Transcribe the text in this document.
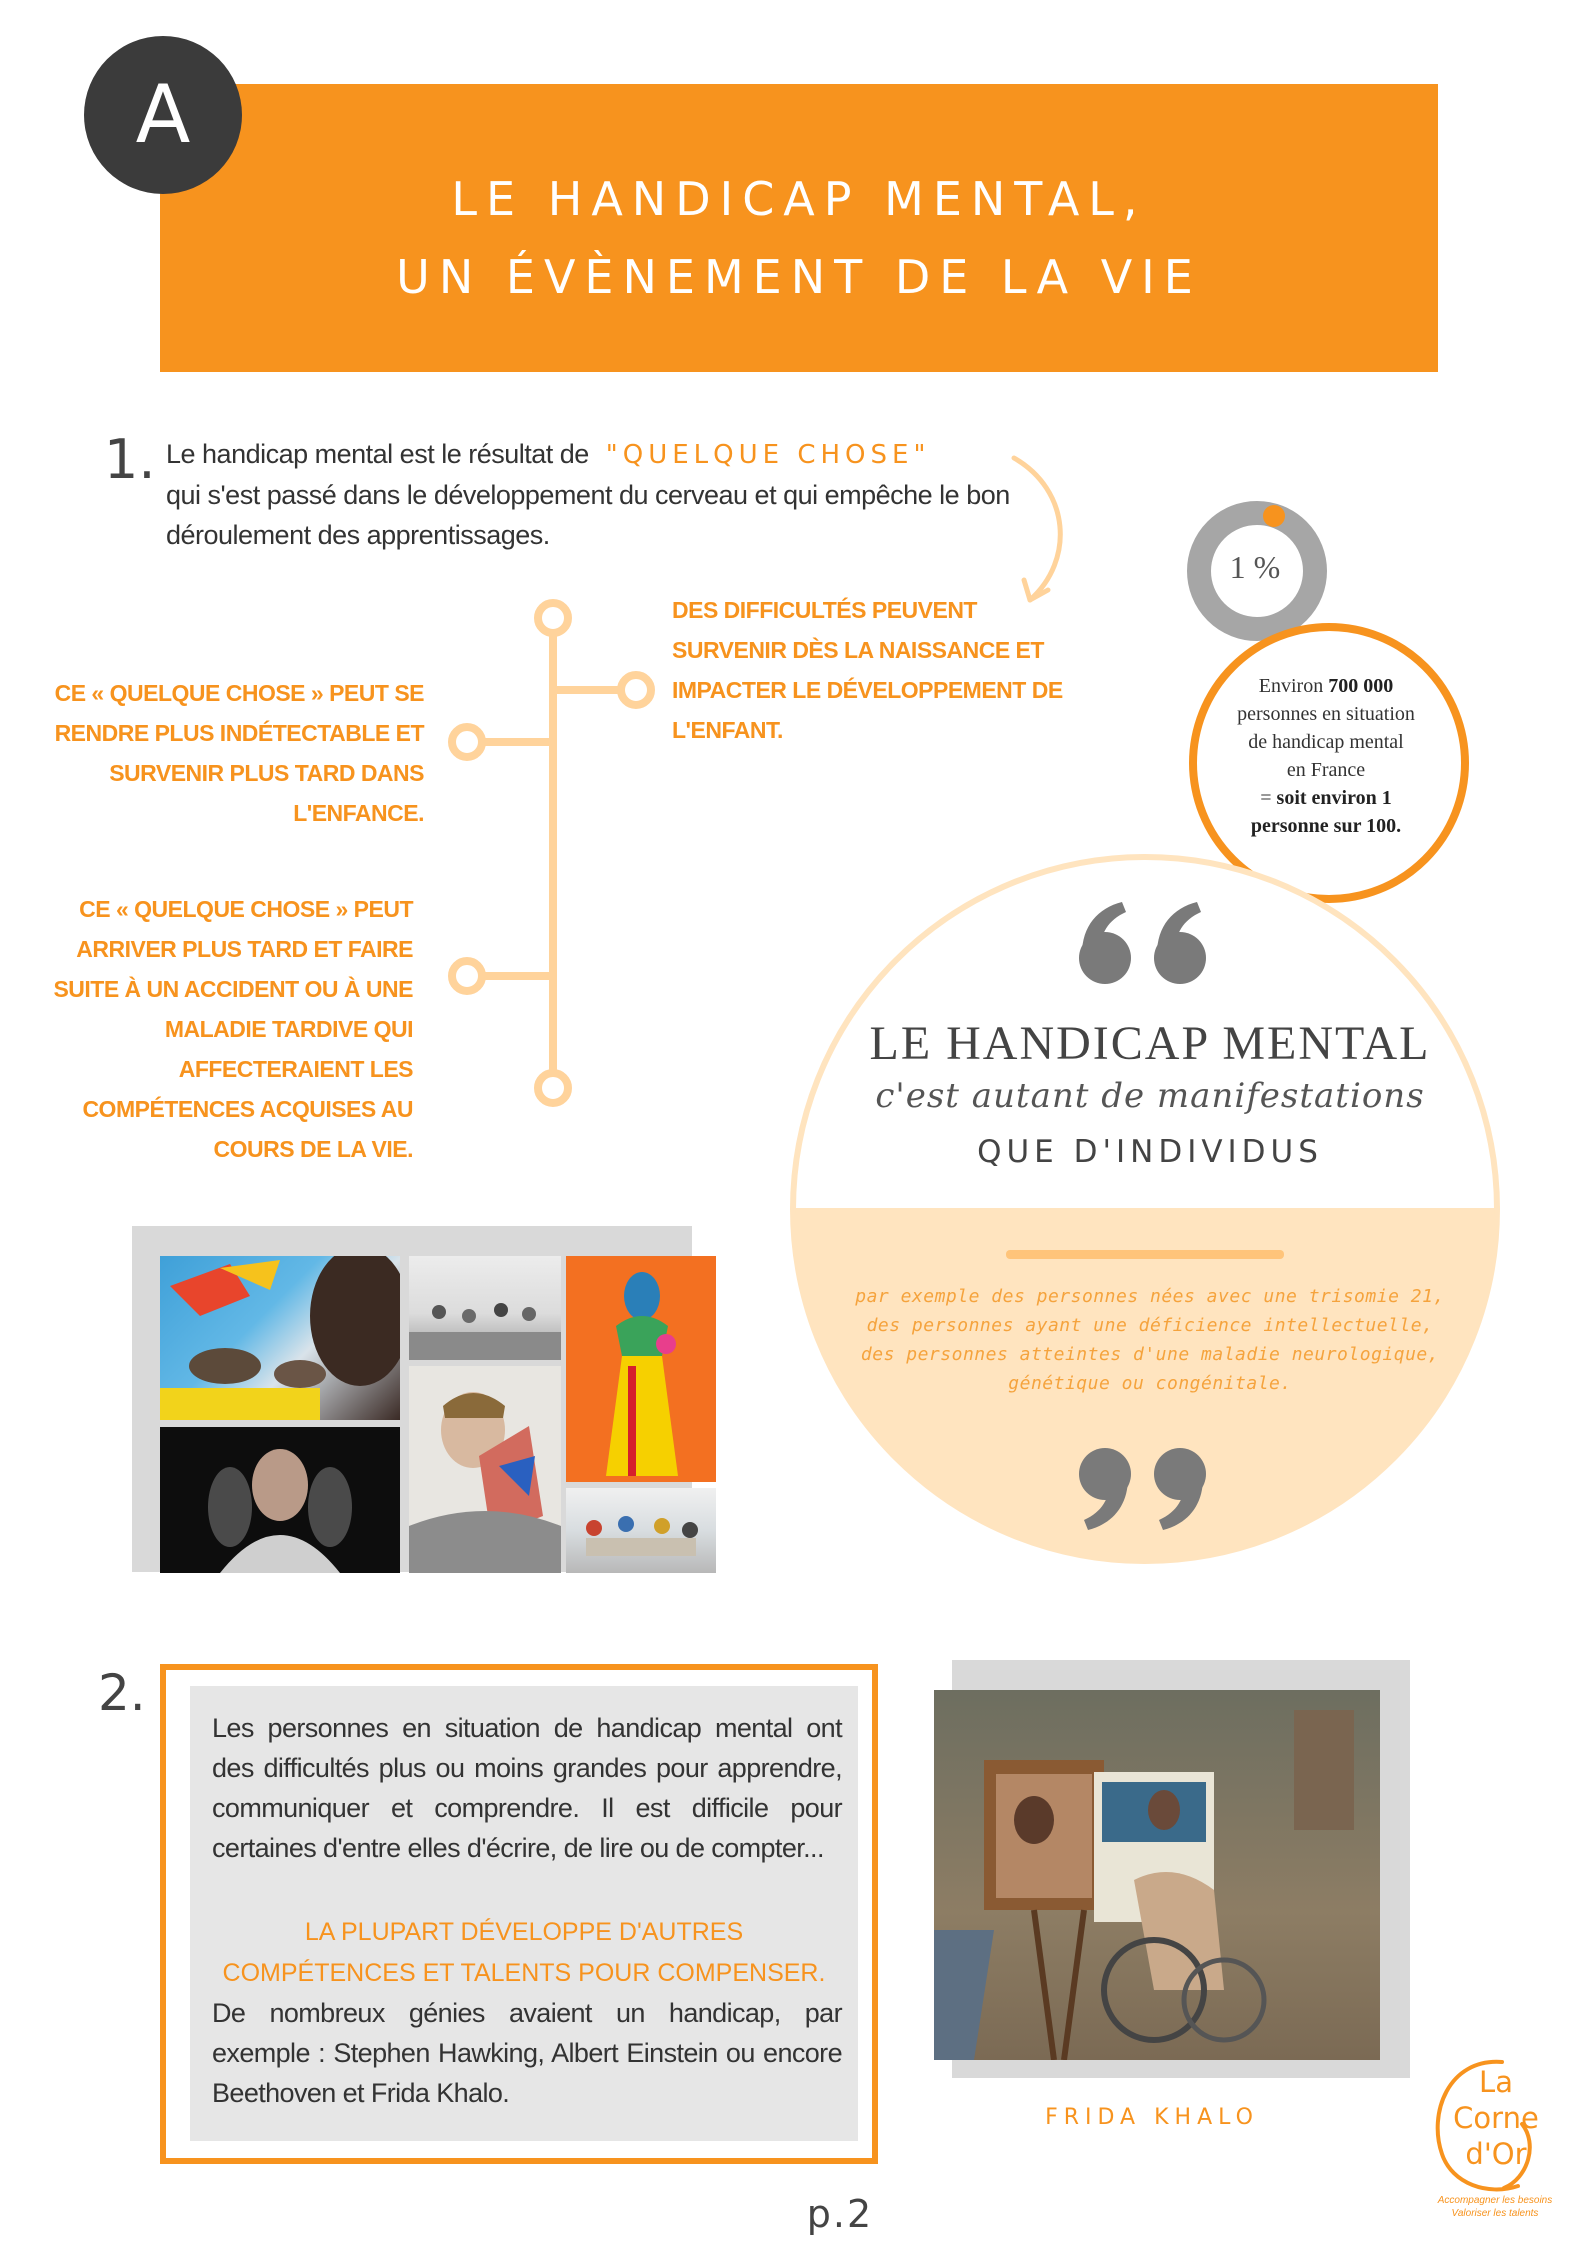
LE HANDICAP MENTAL,
UN ÉVÈNEMENT DE LA VIE
A
1. Le handicap mental est le résultat de "QUELQUE CHOSE"
qui s'est passé dans le développement du cerveau et qui empêche le bon déroulement des apprentissages.
DES DIFFICULTÉS PEUVENT SURVENIR DÈS LA NAISSANCE ET IMPACTER LE DÉVELOPPEMENT DE L'ENFANT.
CE « QUELQUE CHOSE » PEUT SE RENDRE PLUS INDÉTECTABLE ET SURVENIR PLUS TARD DANS L'ENFANCE.
CE « QUELQUE CHOSE » PEUT ARRIVER PLUS TARD ET FAIRE SUITE À UN ACCIDENT OU À UNE MALADIE TARDIVE QUI AFFECTERAIENT LES COMPÉTENCES ACQUISES AU COURS DE LA VIE.
1 %
Environ 700 000
personnes en situation
de handicap mental
en France
= soit environ 1
personne sur 100.
LE HANDICAP MENTAL
c'est autant de manifestations
QUE D'INDIVIDUS
par exemple des personnes nées avec une trisomie 21,
des personnes ayant une déficience intellectuelle,
des personnes atteintes d'une maladie neurologique,
génétique ou congénitale.
2.
Les personnes en situation de handicap mental ont des difficultés plus ou moins grandes pour apprendre, communiquer et comprendre. Il est difficile pour certaines d'entre elles d'écrire, de lire ou de compter...
LA PLUPART DÉVELOPPE D'AUTRES
COMPÉTENCES ET TALENTS POUR COMPENSER.
De nombreux génies avaient un handicap, par exemple : Stephen Hawking, Albert Einstein ou encore Beethoven et Frida Khalo.
FRIDA KHALO
p.2
La
Corne
d'Or
Accompagner les besoins
Valoriser les talents
